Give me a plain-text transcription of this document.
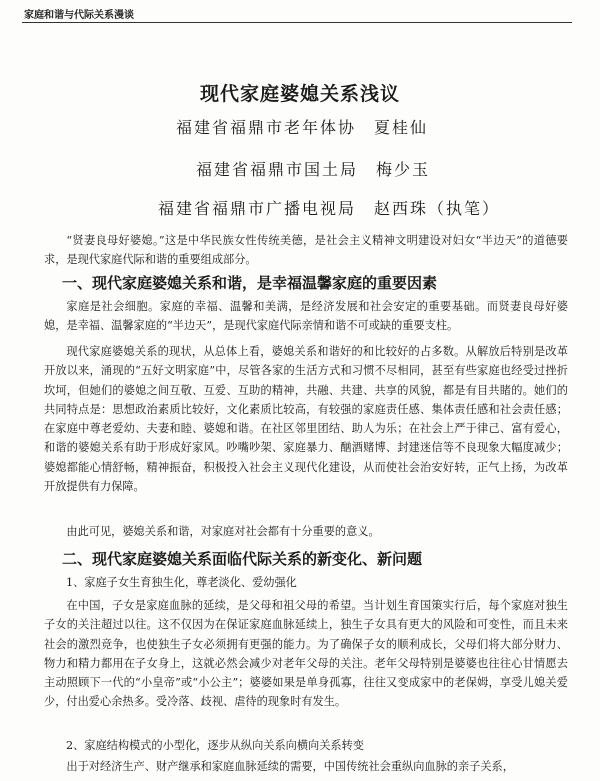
家庭和谐与代际关系漫谈
现代家庭婆媳关系浅议
福建省福鼎市老年体协 夏桂仙
福建省福鼎市国土局 梅少玉
福建省福鼎市广播电视局 赵西珠（执笔）

“贤妻良母好婆媳。”这是中华民族女性传统美德，是社会主义精神文明建设对妇女“半边天”的道德要求，是现代家庭代际和谐的重要组成部分。

一、现代家庭婆媳关系和谐，是幸福温馨家庭的重要因素

家庭是社会细胞。家庭的幸福、温馨和美满，是经济发展和社会安定的重要基础。而贤妻良母好婆媳，是幸福、温馨家庭的“半边天”，是现代家庭代际亲情和谐不可或缺的重要支柱。

现代家庭婆媳关系的现状，从总体上看，婆媳关系和谐好的和比较好的占多数。从解放后特别是改革开放以来，涌现的“五好文明家庭”中，尽管各家的生活方式和习惯不尽相同，甚至有些家庭也经受过挫折坎坷，但她们的婆媳之间互敬、互爱、互助的精神，共融、共建、共享的风貌，都是有目共睹的。她们的共同特点是：思想政治素质比较好，文化素质比较高，有较强的家庭责任感、集体责任感和社会责任感；在家庭中尊老爱幼、夫妻和睦、婆媳和谐。在社区邻里团结、助人为乐；在社会上严于律己、富有爱心，和谐的婆媳关系有助于形成好家风。吵嘴吵架、家庭暴力、酗酒赌博、封建迷信等不良现象大幅度减少；婆媳都能心情舒畅，精神振奋，积极投入社会主义现代化建设，从而使社会治安好转，正气上扬，为改革开放提供有力保障。

由此可见，婆媳关系和谐，对家庭对社会都有十分重要的意义。

二、现代家庭婆媳关系面临代际关系的新变化、新问题
1、家庭子女生育独生化，尊老淡化、爱幼强化

在中国，子女是家庭血脉的延续，是父母和祖父母的希望。当计划生育国策实行后，每个家庭对独生子女的关注超过以往。这不仅因为在保证家庭血脉延续上，独生子女具有更大的风险和可变性，而且未来社会的激烈竞争，也使独生子女必须拥有更强的能力。为了确保子女的顺利成长，父母们将大部分财力、物力和精力都用在子女身上，这就必然会减少对老年父母的关注。老年父母特别是婆婆也往往心甘情愿去主动照顾下一代的“小皇帝”或“小公主”；婆婆如果是单身孤寡，往往又变成家中的老保姆，享受儿媳关爱少，付出爱心余热多。受冷落、歧视、虐待的现象时有发生。

2、家庭结构模式的小型化，逐步从纵向关系向横向关系转变

出于对经济生产、财产继承和家庭血脉延续的需要，中国传统社会重纵向血脉的亲子关系，
